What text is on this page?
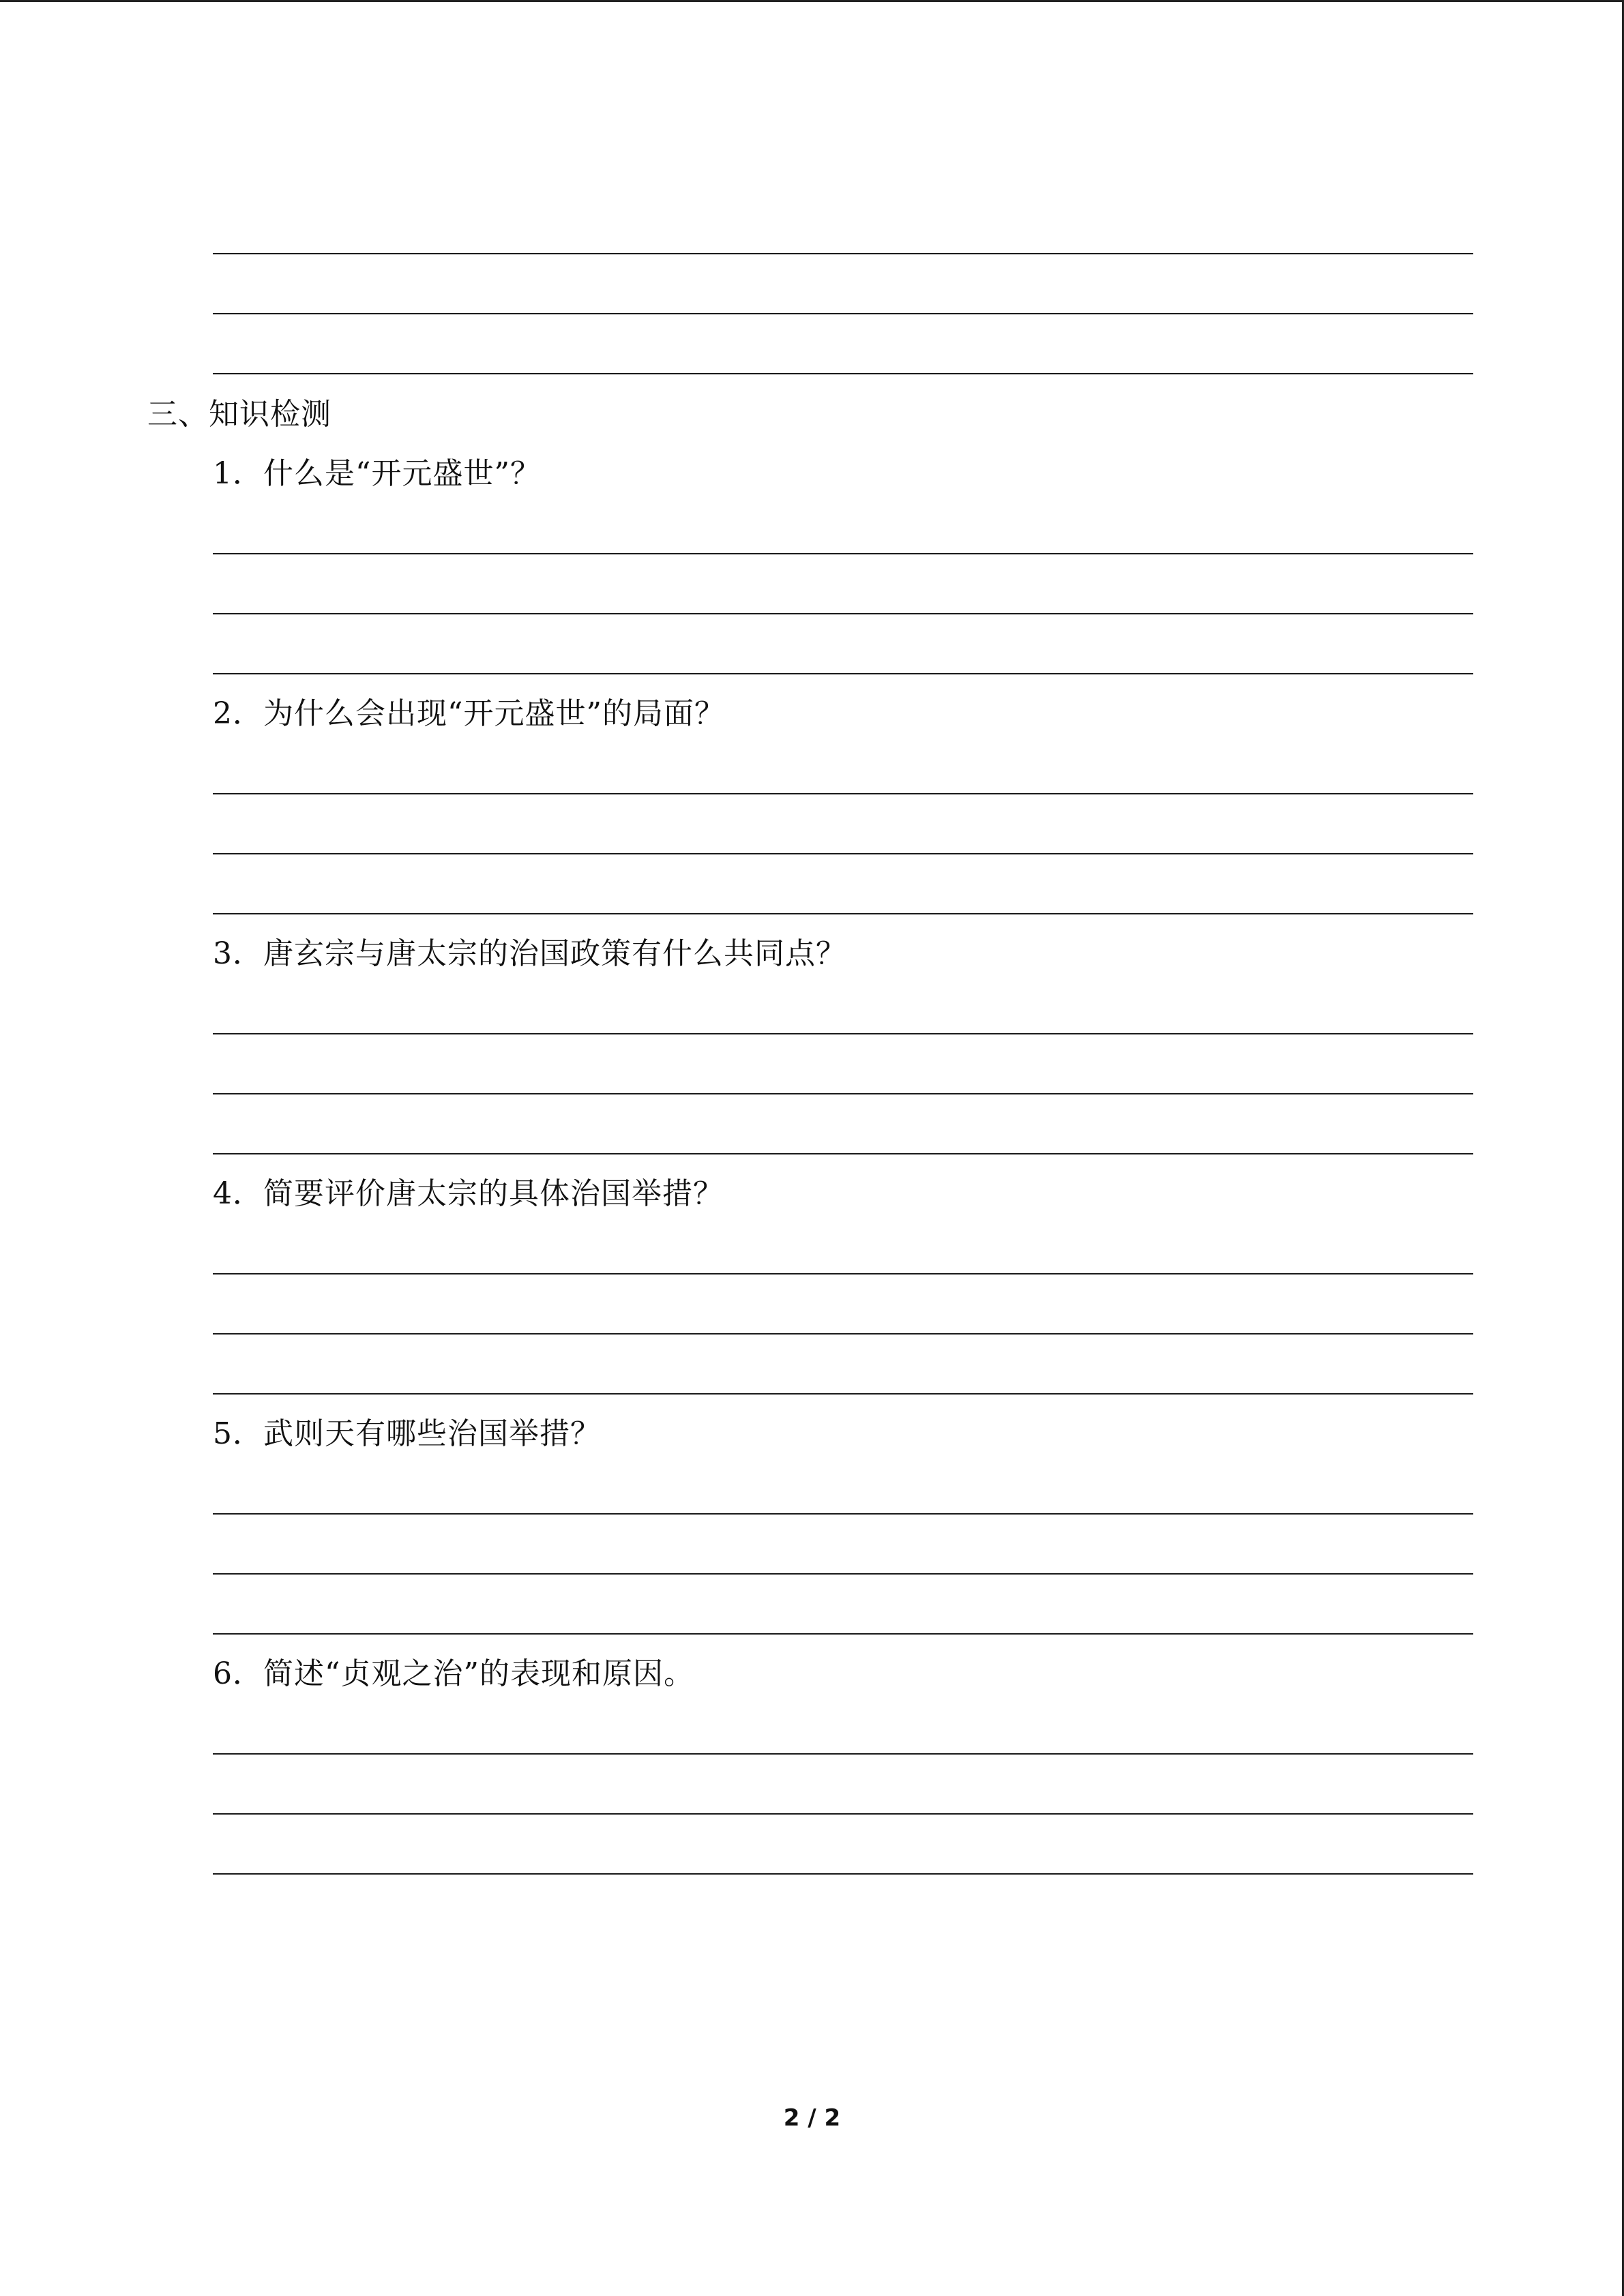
三、知识检测
1．什么是“开元盛世”？
2．为什么会出现“开元盛世”的局面？
3．唐玄宗与唐太宗的治国政策有什么共同点？
4．简要评价唐太宗的具体治国举措？
5．武则天有哪些治国举措？
6．简述“贞观之治”的表现和原因。
2 / 2
